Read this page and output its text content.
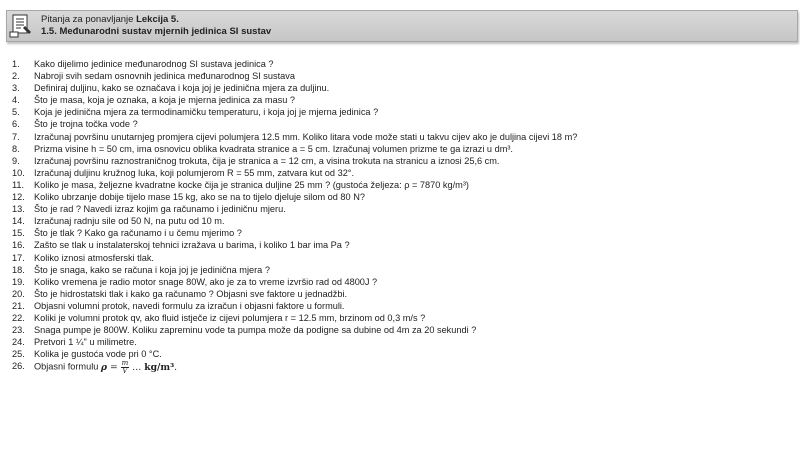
Pitanja za ponavljanje Lekcija 5.
1.5. Međunarodni sustav mjernih jedinica SI sustav
1.	Kako dijelimo jedinice međunarodnog SI sustava jedinica ?
2.	Nabroji svih sedam osnovnih jedinica međunarodnog SI sustava
3.	Definiraj duljinu, kako se označava i koja joj je jedinična mjera za duljinu.
4.	Što je masa, koja je oznaka, a koja je mjerna jedinica za masu ?
5.	Koja je jedinična mjera za termodinamičku temperaturu, i koja joj je mjerna jedinica ?
6.	Što je trojna točka vode ?
7.	Izračunaj površinu unutarnjeg promjera cijevi polumjera 12.5 mm. Koliko litara vode može stati u takvu cijev ako je duljina cijevi 18 m?
8.	Prizma visine h = 50 cm, ima osnovicu oblika kvadrata stranice a = 5 cm. Izračunaj volumen prizme te ga izrazi u dm³.
9.	Izračunaj površinu raznostraničnog trokuta, čija je stranica a = 12 cm, a visina trokuta na stranicu a iznosi 25,6 cm.
10.	Izračunaj duljinu kružnog luka, koji polumjerom R = 55 mm, zatvara kut od 32°.
11.	Koliko je masa, željezne kvadratne kocke čija je stranica duljine 25 mm ? (gustoća željeza: ρ = 7870 kg/m³)
12.	Koliko ubrzanje dobije tijelo mase 15 kg, ako se na to tijelo djeluje silom od 80 N?
13.	Što je rad ? Navedi izraz kojim ga računamo i jediničnu mjeru.
14.	Izračunaj radnju sile od 50 N, na putu od 10 m.
15.	Što je tlak ? Kako ga računamo i u čemu mjerimo ?
16.	Zašto se tlak u instalaterskoj tehnici izražava u barima, i koliko 1 bar ima Pa ?
17.	Koliko iznosi atmosferski tlak.
18.	Što je snaga, kako se računa i koja joj je jedinična mjera ?
19.	Koliko vremena je radio motor snage 80W, ako je za to vreme izvršio rad od 4800J ?
20.	Što je hidrostatski tlak i kako ga računamo ? Objasni sve faktore u jednadžbi.
21.	Objasni volumni protok, navedi formulu za izračun i objasni faktore u formuli.
22.	Koliki je volumni protok qv, ako fluid istječe iz cijevi polumjera r = 12.5 mm, brzinom od 0,3 m/s ?
23.	Snaga pumpe je 800W. Koliku zapreminu vode ta pumpa može da podigne sa dubine od 4m za 20 sekundi ?
24.	Pretvori 1 ¼" u milimetre.
25.	Kolika je gustoća vode pri 0 °C.
26.	Objasni formulu $\rho = \frac{m}{V}$ … kg/m³.
